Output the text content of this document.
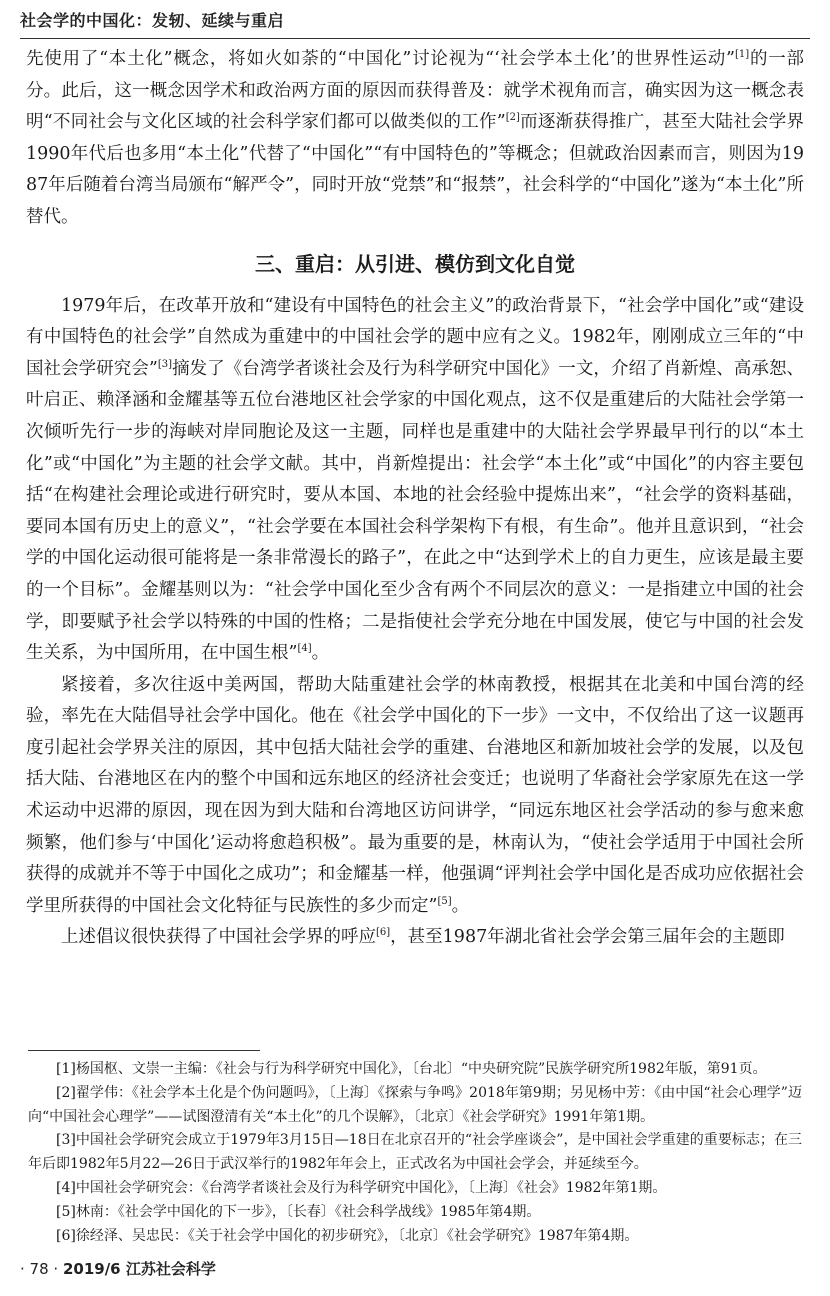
社会学的中国化：发轫、延续与重启

先使用了“本土化”概念，将如火如荼的“中国化”讨论视为“‘社会学本土化’的世界性运动”[1]的一部分。此后，这一概念因学术和政治两方面的原因而获得普及：就学术视角而言，确实因为这一概念表明“不同社会与文化区域的社会科学家们都可以做类似的工作”[2]而逐渐获得推广，甚至大陆社会学界1990年代后也多用“本土化”代替了“中国化”“有中国特色的”等概念；但就政治因素而言，则因为1987年后随着台湾当局颁布“解严令”，同时开放“党禁”和“报禁”，社会科学的“中国化”遂为“本土化”所替代。

三、重启：从引进、模仿到文化自觉

1979年后，在改革开放和“建设有中国特色的社会主义”的政治背景下，“社会学中国化”或“建设有中国特色的社会学”自然成为重建中的中国社会学的题中应有之义。1982年，刚刚成立三年的“中国社会学研究会”[3]摘发了《台湾学者谈社会及行为科学研究中国化》一文，介绍了肖新煌、高承恕、叶启正、赖泽涵和金耀基等五位台港地区社会学家的中国化观点，这不仅是重建后的大陆社会学第一次倾听先行一步的海峡对岸同胞论及这一主题，同样也是重建中的大陆社会学界最早刊行的以“本土化”或“中国化”为主题的社会学文献。其中，肖新煌提出：社会学“本土化”或“中国化”的内容主要包括“在构建社会理论或进行研究时，要从本国、本地的社会经验中提炼出来”，“社会学的资料基础，要同本国有历史上的意义”，“社会学要在本国社会科学架构下有根，有生命”。他并且意识到，“社会学的中国化运动很可能将是一条非常漫长的路子”，在此之中“达到学术上的自力更生，应该是最主要的一个目标”。金耀基则以为：“社会学中国化至少含有两个不同层次的意义：一是指建立中国的社会学，即要赋予社会学以特殊的中国的性格；二是指使社会学充分地在中国发展，使它与中国的社会发生关系，为中国所用，在中国生根”[4]。

紧接着，多次往返中美两国，帮助大陆重建社会学的林南教授，根据其在北美和中国台湾的经验，率先在大陆倡导社会学中国化。他在《社会学中国化的下一步》一文中，不仅给出了这一议题再度引起社会学界关注的原因，其中包括大陆社会学的重建、台港地区和新加坡社会学的发展，以及包括大陆、台港地区在内的整个中国和远东地区的经济社会变迁；也说明了华裔社会学家原先在这一学术运动中迟滞的原因，现在因为到大陆和台湾地区访问讲学，“同远东地区社会学活动的参与愈来愈频繁，他们参与‘中国化’运动将愈趋积极”。最为重要的是，林南认为，“使社会学适用于中国社会所获得的成就并不等于中国化之成功”；和金耀基一样，他强调“评判社会学中国化是否成功应依据社会学里所获得的中国社会文化特征与民族性的多少而定”[5]。

上述倡议很快获得了中国社会学界的呼应[6]，甚至1987年湖北省社会学会第三届年会的主题即

[1]杨国枢、文崇一主编：《社会与行为科学研究中国化》，〔台北〕“中央研究院”民族学研究所1982年版，第91页。

[2]翟学伟：《社会学本土化是个伪问题吗》，〔上海〕《探索与争鸣》2018年第9期；另见杨中芳：《由中国“社会心理学”迈向“中国社会心理学”——试图澄清有关“本土化”的几个误解》，〔北京〕《社会学研究》1991年第1期。

[3]中国社会学研究会成立于1979年3月15日—18日在北京召开的“社会学座谈会”，是中国社会学重建的重要标志；在三年后即1982年5月22—26日于武汉举行的1982年年会上，正式改名为中国社会学会，并延续至今。

[4]中国社会学研究会：《台湾学者谈社会及行为科学研究中国化》，〔上海〕《社会》1982年第1期。

[5]林南：《社会学中国化的下一步》，〔长春〕《社会科学战线》1985年第4期。

[6]徐经泽、吴忠民：《关于社会学中国化的初步研究》，〔北京〕《社会学研究》1987年第4期。

· 78 · 2019/6 江苏社会科学
